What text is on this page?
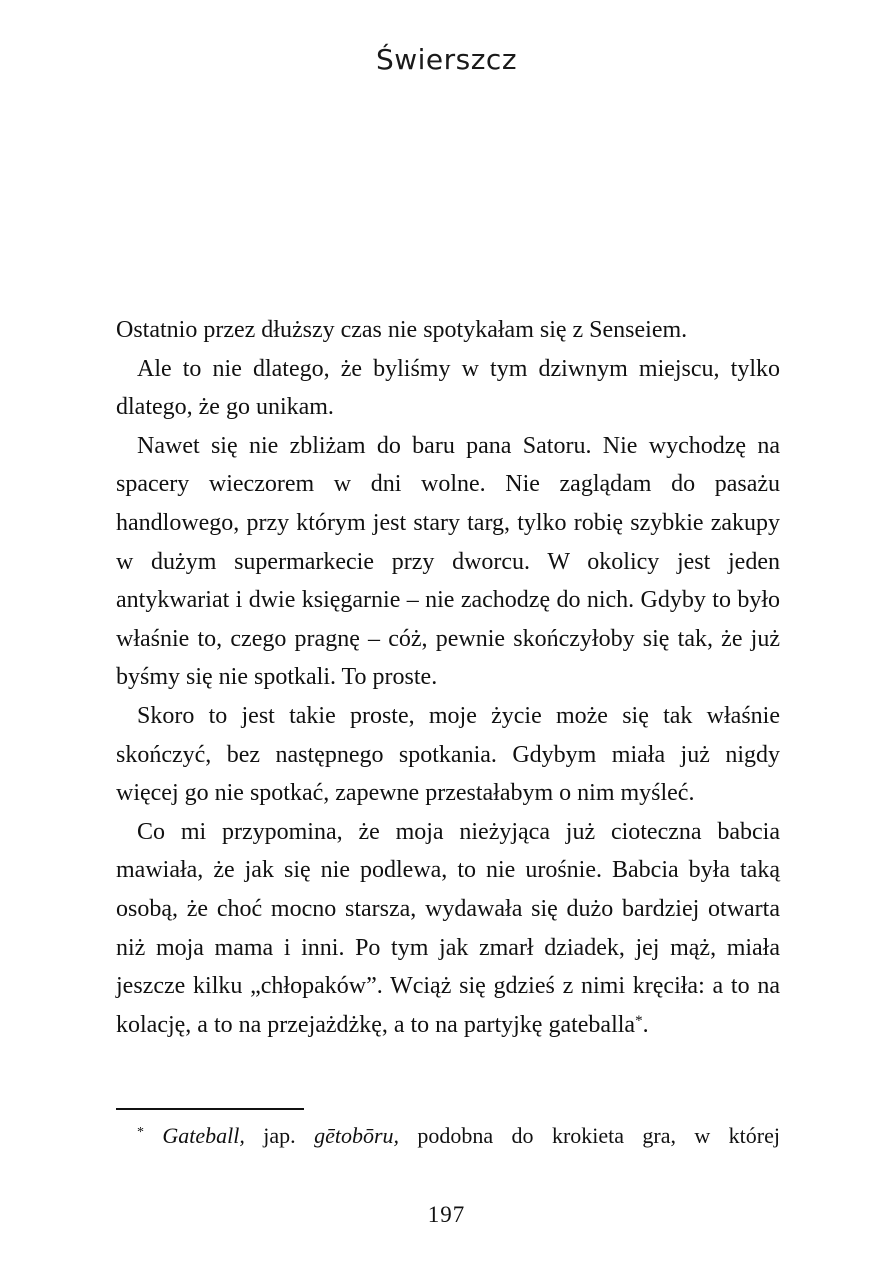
Świerszcz

Ostatnio przez dłuższy czas nie spotykałam się z Senseiem.

Ale to nie dlatego, że byliśmy w tym dziwnym miejscu, tylko dlatego, że go unikam.

Nawet się nie zbliżam do baru pana Satoru. Nie wychodzę na spacery wieczorem w dni wolne. Nie zaglądam do pasażu handlowego, przy którym jest stary targ, tylko robię szybkie zakupy w dużym supermarkecie przy dworcu. W okolicy jest jeden antykwariat i dwie księgarnie – nie zachodzę do nich. Gdyby to było właśnie to, czego pragnę – cóż, pewnie skończyłoby się tak, że już byśmy się nie spotkali. To proste.

Skoro to jest takie proste, moje życie może się tak właśnie skończyć, bez następnego spotkania. Gdybym miała już nigdy więcej go nie spotkać, zapewne przestałabym o nim myśleć.

Co mi przypomina, że moja nieżyjąca już cioteczna babcia mawiała, że jak się nie podlewa, to nie urośnie. Babcia była taką osobą, że choć mocno starsza, wydawała się dużo bardziej otwarta niż moja mama i inni. Po tym jak zmarł dziadek, jej mąż, miała jeszcze kilku „chłopaków”. Wciąż się gdzieś z nimi kręciła: a to na kolację, a to na przejażdżkę, a to na partyjkę gateballa*.

* Gateball, jap. gētobōru, podobna do krokieta gra, w której
197
